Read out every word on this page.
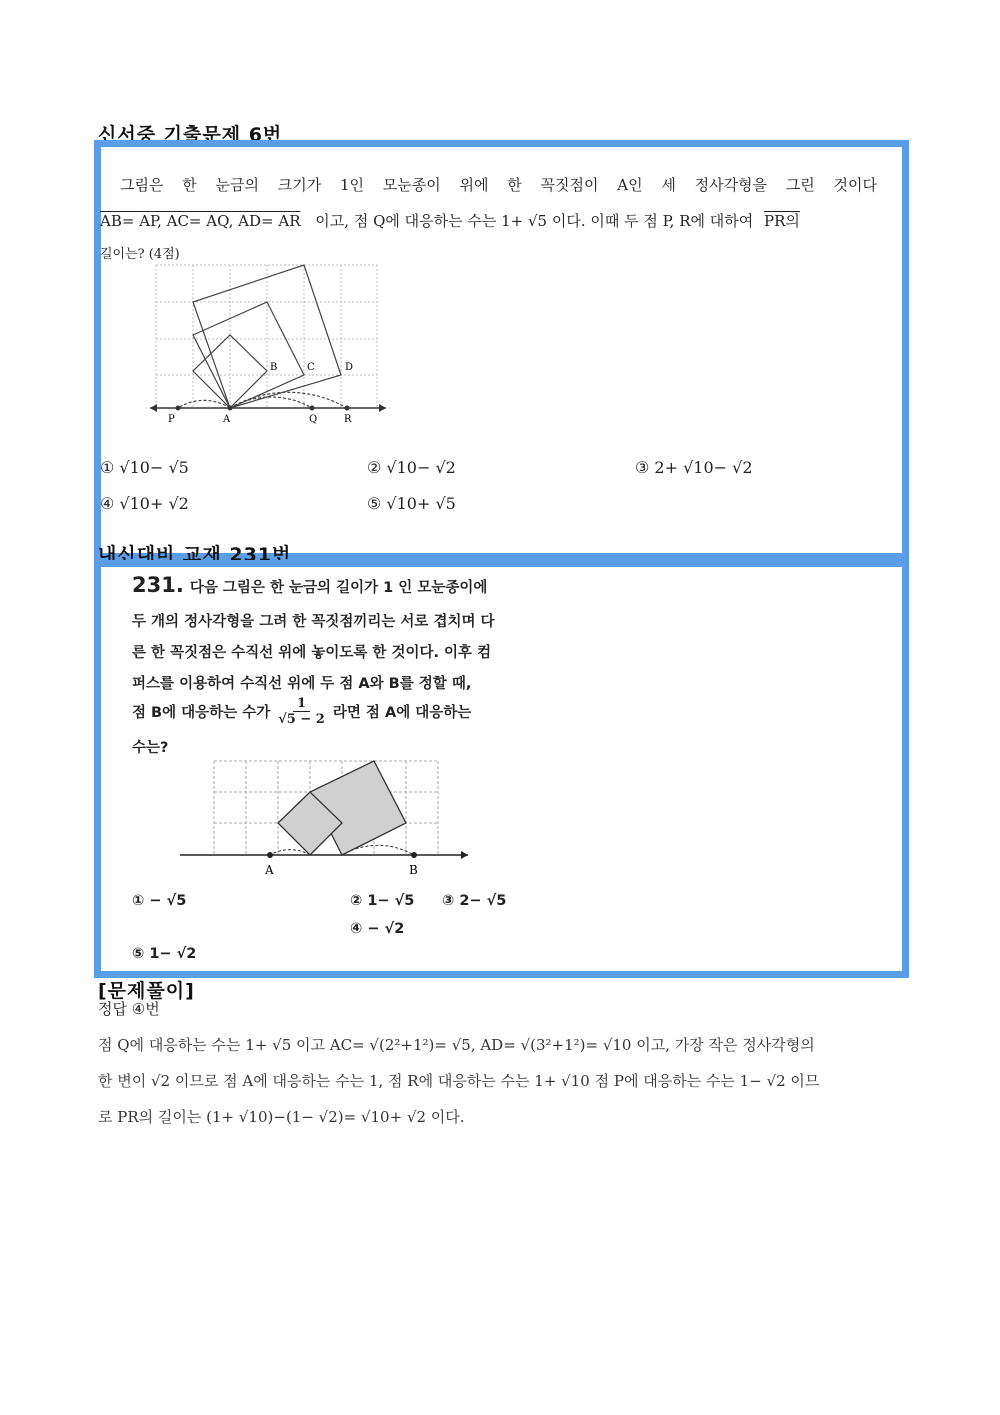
신서중 기출문제 6번
그림은 한 눈금의 크기가 1인 모눈종이 위에 한 꼭짓점이 A인 세 정사각형을 그린 것이다
AB= AP, AC= AQ, AD= AR 이고, 점 Q에 대응하는 수는 1+ √5 이다. 이때 두 점 P, R에 대하여 PR의
길이는? (4점)
B	C	D
P	A	Q	R
① √10− √5	② √10− √2	③ 2+ √10− √2
④ √10+ √2	⑤ √10+ √5
내신대비 교재 231번
231. 다음 그림은 한 눈금의 길이가 1 인 모눈종이에
두 개의 정사각형을 그려 한 꼭짓점끼리는 서로 겹치며 다
른 한 꼭짓점은 수직선 위에 놓이도록 한 것이다. 이후 컴
퍼스를 이용하여 수직선 위에 두 점 A와 B를 정할 때,
점 B에 대응하는 수가 $\frac{1}{√5 - 2}$ 라면 점 A에 대응하는
수는?
A	B
① − √5	② 1− √5 ③ 2− √5
④ − √2
⑤ 1− √2
[문제풀이]
정답 ④번
점 Q에 대응하는 수는 1+ √5 이고 AC= √(2²+1²)= √5, AD= √(3²+1²)= √10 이고, 가장 작은 정사각형의
한 변이 √2 이므로 점 A에 대응하는 수는 1, 점 R에 대응하는 수는 1+ √10 점 P에 대응하는 수는 1− √2 이므
로 PR의 길이는 (1+ √10)−(1− √2)= √10+ √2 이다.
